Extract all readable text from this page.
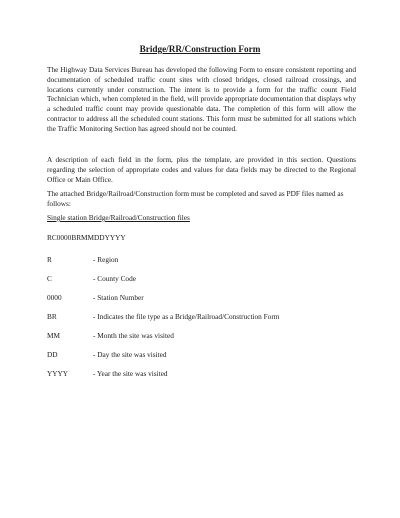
Bridge/RR/Construction Form

The Highway Data Services Bureau has developed the following Form to ensure consistent reporting and documentation of scheduled traffic count sites with closed bridges, closed railroad crossings, and locations currently under construction. The intent is to provide a form for the traffic count Field Technician which, when completed in the field, will provide appropriate documentation that displays why a scheduled traffic count may provide questionable data. The completion of this form will allow the contractor to address all the scheduled count stations. This form must be submitted for all stations which the Traffic Monitoring Section has agreed should not be counted.

A description of each field in the form, plus the template, are provided in this section. Questions regarding the selection of appropriate codes and values for data fields may be directed to the Regional Office or Main Office.

The attached Bridge/Railroad/Construction form must be completed and saved as PDF files named as follows:

Single station Bridge/Railroad/Construction files

RC0000BRMMDDYYYY

R	- Region
C	- County Code
0000	- Station Number
BR	- Indicates the file type as a Bridge/Railroad/Construction Form
MM	- Month the site was visited
DD	- Day the site was visited
YYYY	- Year the site was visited
